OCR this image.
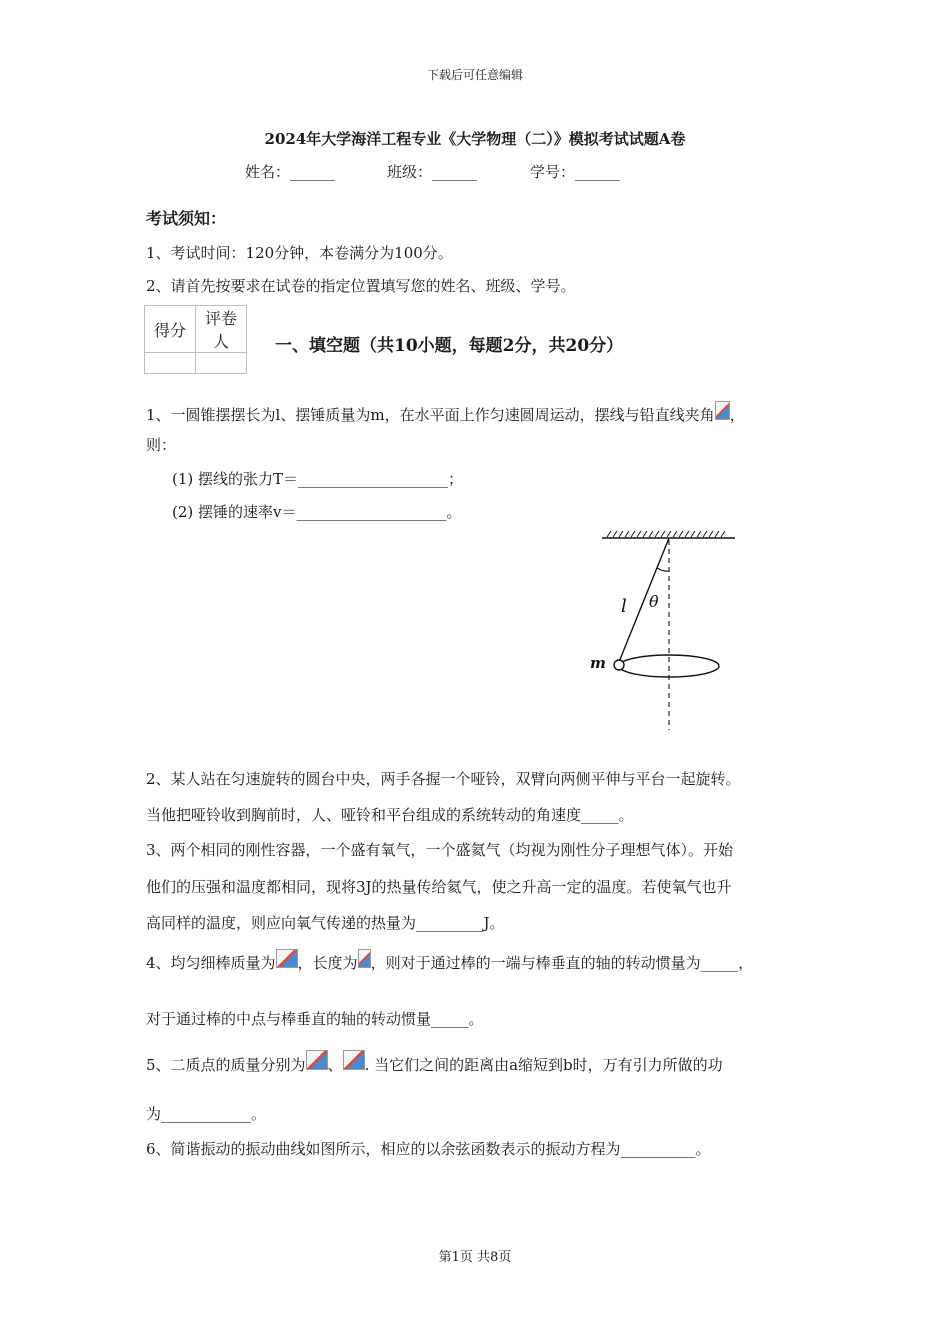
下载后可任意编辑
2024年大学海洋工程专业《大学物理（二）》模拟考试试题A卷
姓名：______	班级：______	学号：______
考试须知：
1、考试时间：120分钟，本卷满分为100分。
2、请首先按要求在试卷的指定位置填写您的姓名、班级、学号。
得分	评卷人
		一、填空题（共10小题，每题2分，共20分）
1、一圆锥摆摆长为l、摆锤质量为m，在水平面上作匀速圆周运动，摆线与铅直线夹角 ，
则：
(1) 摆线的张力T＝____________________；
(2) 摆锤的速率v＝____________________。
l θ
m
2、某人站在匀速旋转的圆台中央，两手各握一个哑铃，双臂向两侧平伸与平台一起旋转。
当他把哑铃收到胸前时，人、哑铃和平台组成的系统转动的角速度_____。
3、两个相同的刚性容器，一个盛有氧气，一个盛氦气（均视为刚性分子理想气体）。开始
他们的压强和温度都相同，现将3J的热量传给氦气，使之升高一定的温度。若使氧气也升
高同样的温度，则应向氧气传递的热量为_________J。
4、均匀细棒质量为 ，长度为 ，则对于通过棒的一端与棒垂直的轴的转动惯量为_____，
对于通过棒的中点与棒垂直的轴的转动惯量_____。
5、二质点的质量分别为 、 . 当它们之间的距离由a缩短到b时，万有引力所做的功
为____________。
6、简谐振动的振动曲线如图所示，相应的以余弦函数表示的振动方程为__________。
第1页 共8页
